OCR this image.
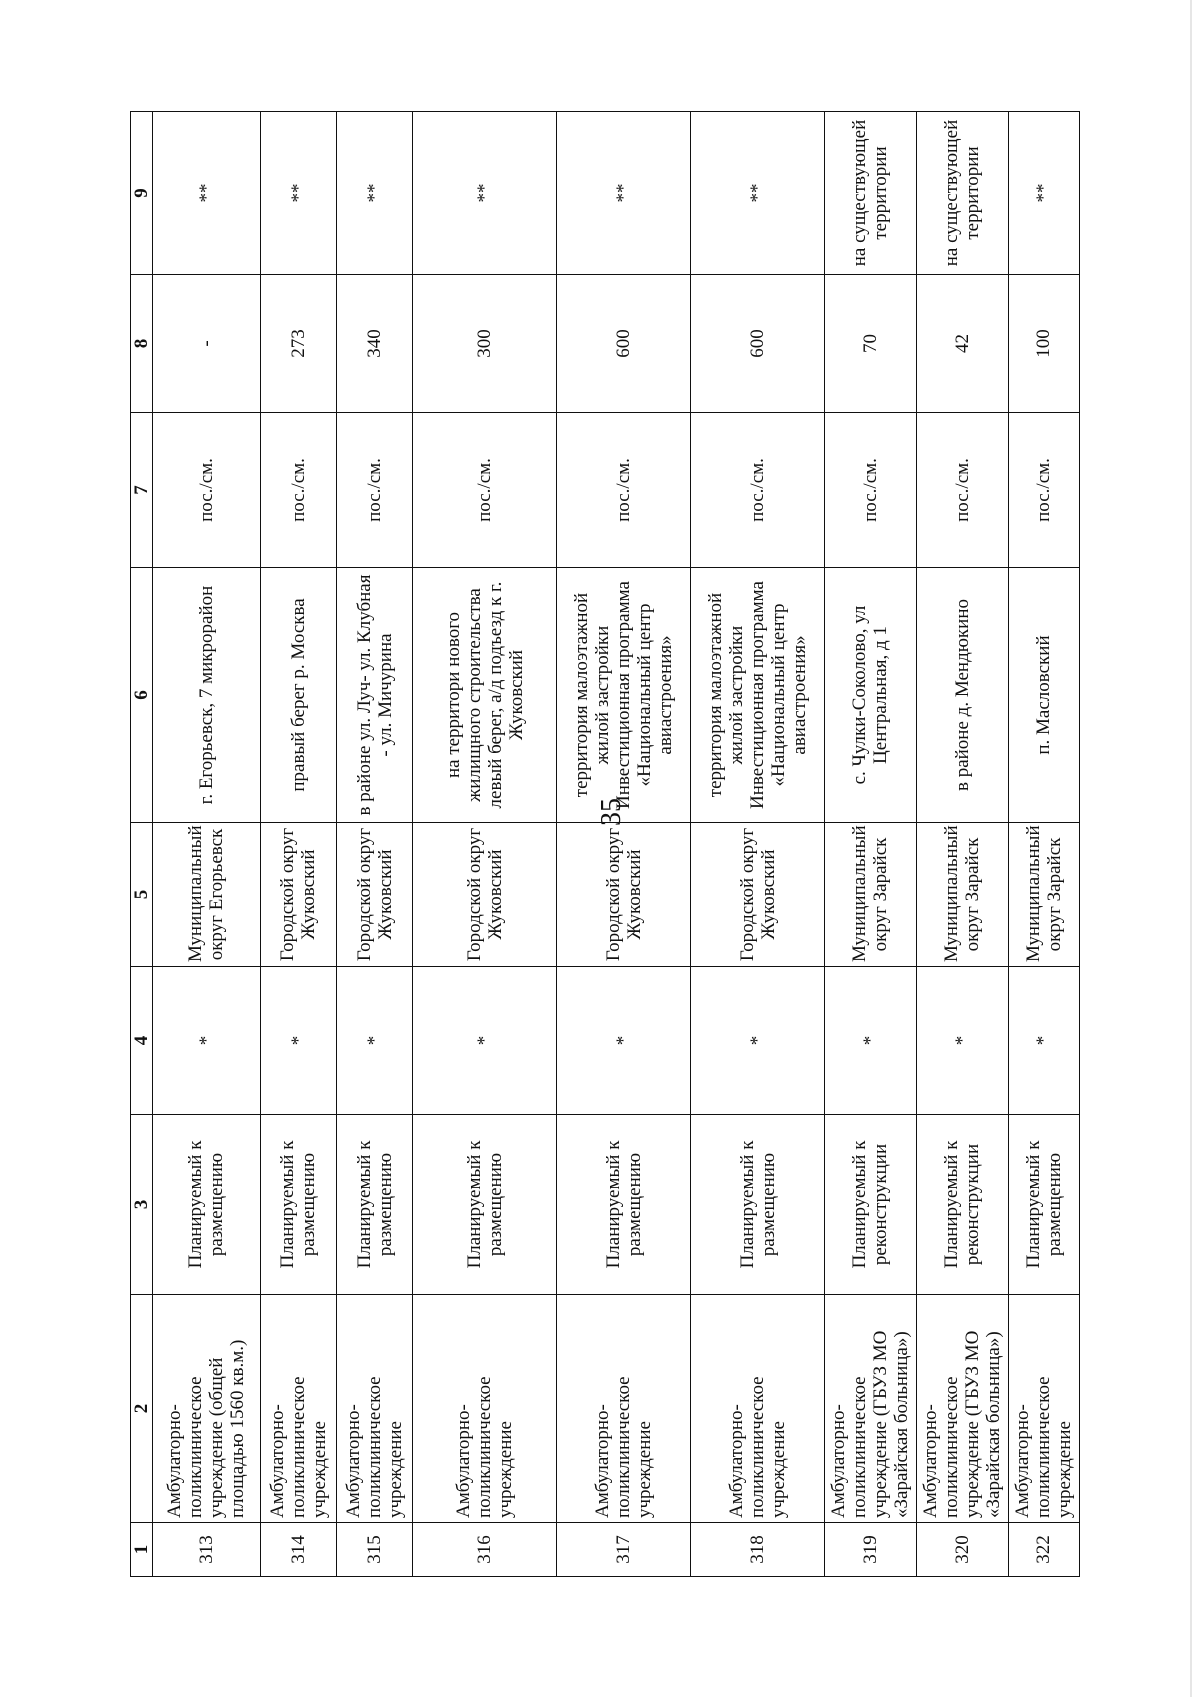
35
1	2	3	4	5	6	7	8	9
313	Амбулаторно-поликлиническое учреждение (общей площадью 1560 кв.м.)	Планируемый к размещению	*	Муниципальный округ Егорьевск	г. Егорьевск, 7 микрорайон	пос./см.	-	**
314	Амбулаторно-поликлиническое учреждение	Планируемый к размещению	*	Городской округ Жуковский	правый берег р. Москва	пос./см.	273	**
315	Амбулаторно-поликлиническое учреждение	Планируемый к размещению	*	Городской округ Жуковский	в районе ул. Луч- ул. Клубная - ул. Мичурина	пос./см.	340	**
316	Амбулаторно-поликлиническое учреждение	Планируемый к размещению	*	Городской округ Жуковский	на территори нового жилищного строительства левый берег, а/д подъезд к г. Жуковский	пос./см.	300	**
317	Амбулаторно-поликлиническое учреждение	Планируемый к размещению	*	Городской округ Жуковский	территория малоэтажной жилой застройки Инвестиционная программа «Национальный центр авиастроения»	пос./см.	600	**
318	Амбулаторно-поликлиническое учреждение	Планируемый к размещению	*	Городской округ Жуковский	территория малоэтажной жилой застройки Инвестиционная программа «Национальный центр авиастроения»	пос./см.	600	**
319	Амбулаторно-поликлиническое учреждение (ГБУЗ МО «Зарайская больница»)	Планируемый к реконструкции	*	Муниципальный округ Зарайск	с. Чулки-Соколово, ул Центральная, д 1	пос./см.	70	на существующей территории
320	Амбулаторно-поликлиническое учреждение (ГБУЗ МО «Зарайская больница»)	Планируемый к реконструкции	*	Муниципальный округ Зарайск	в районе д. Мендюкино	пос./см.	42	на существующей территории
322	Амбулаторно-поликлиническое учреждение	Планируемый к размещению	*	Муниципальный округ Зарайск	п. Масловский	пос./см.	100	**
